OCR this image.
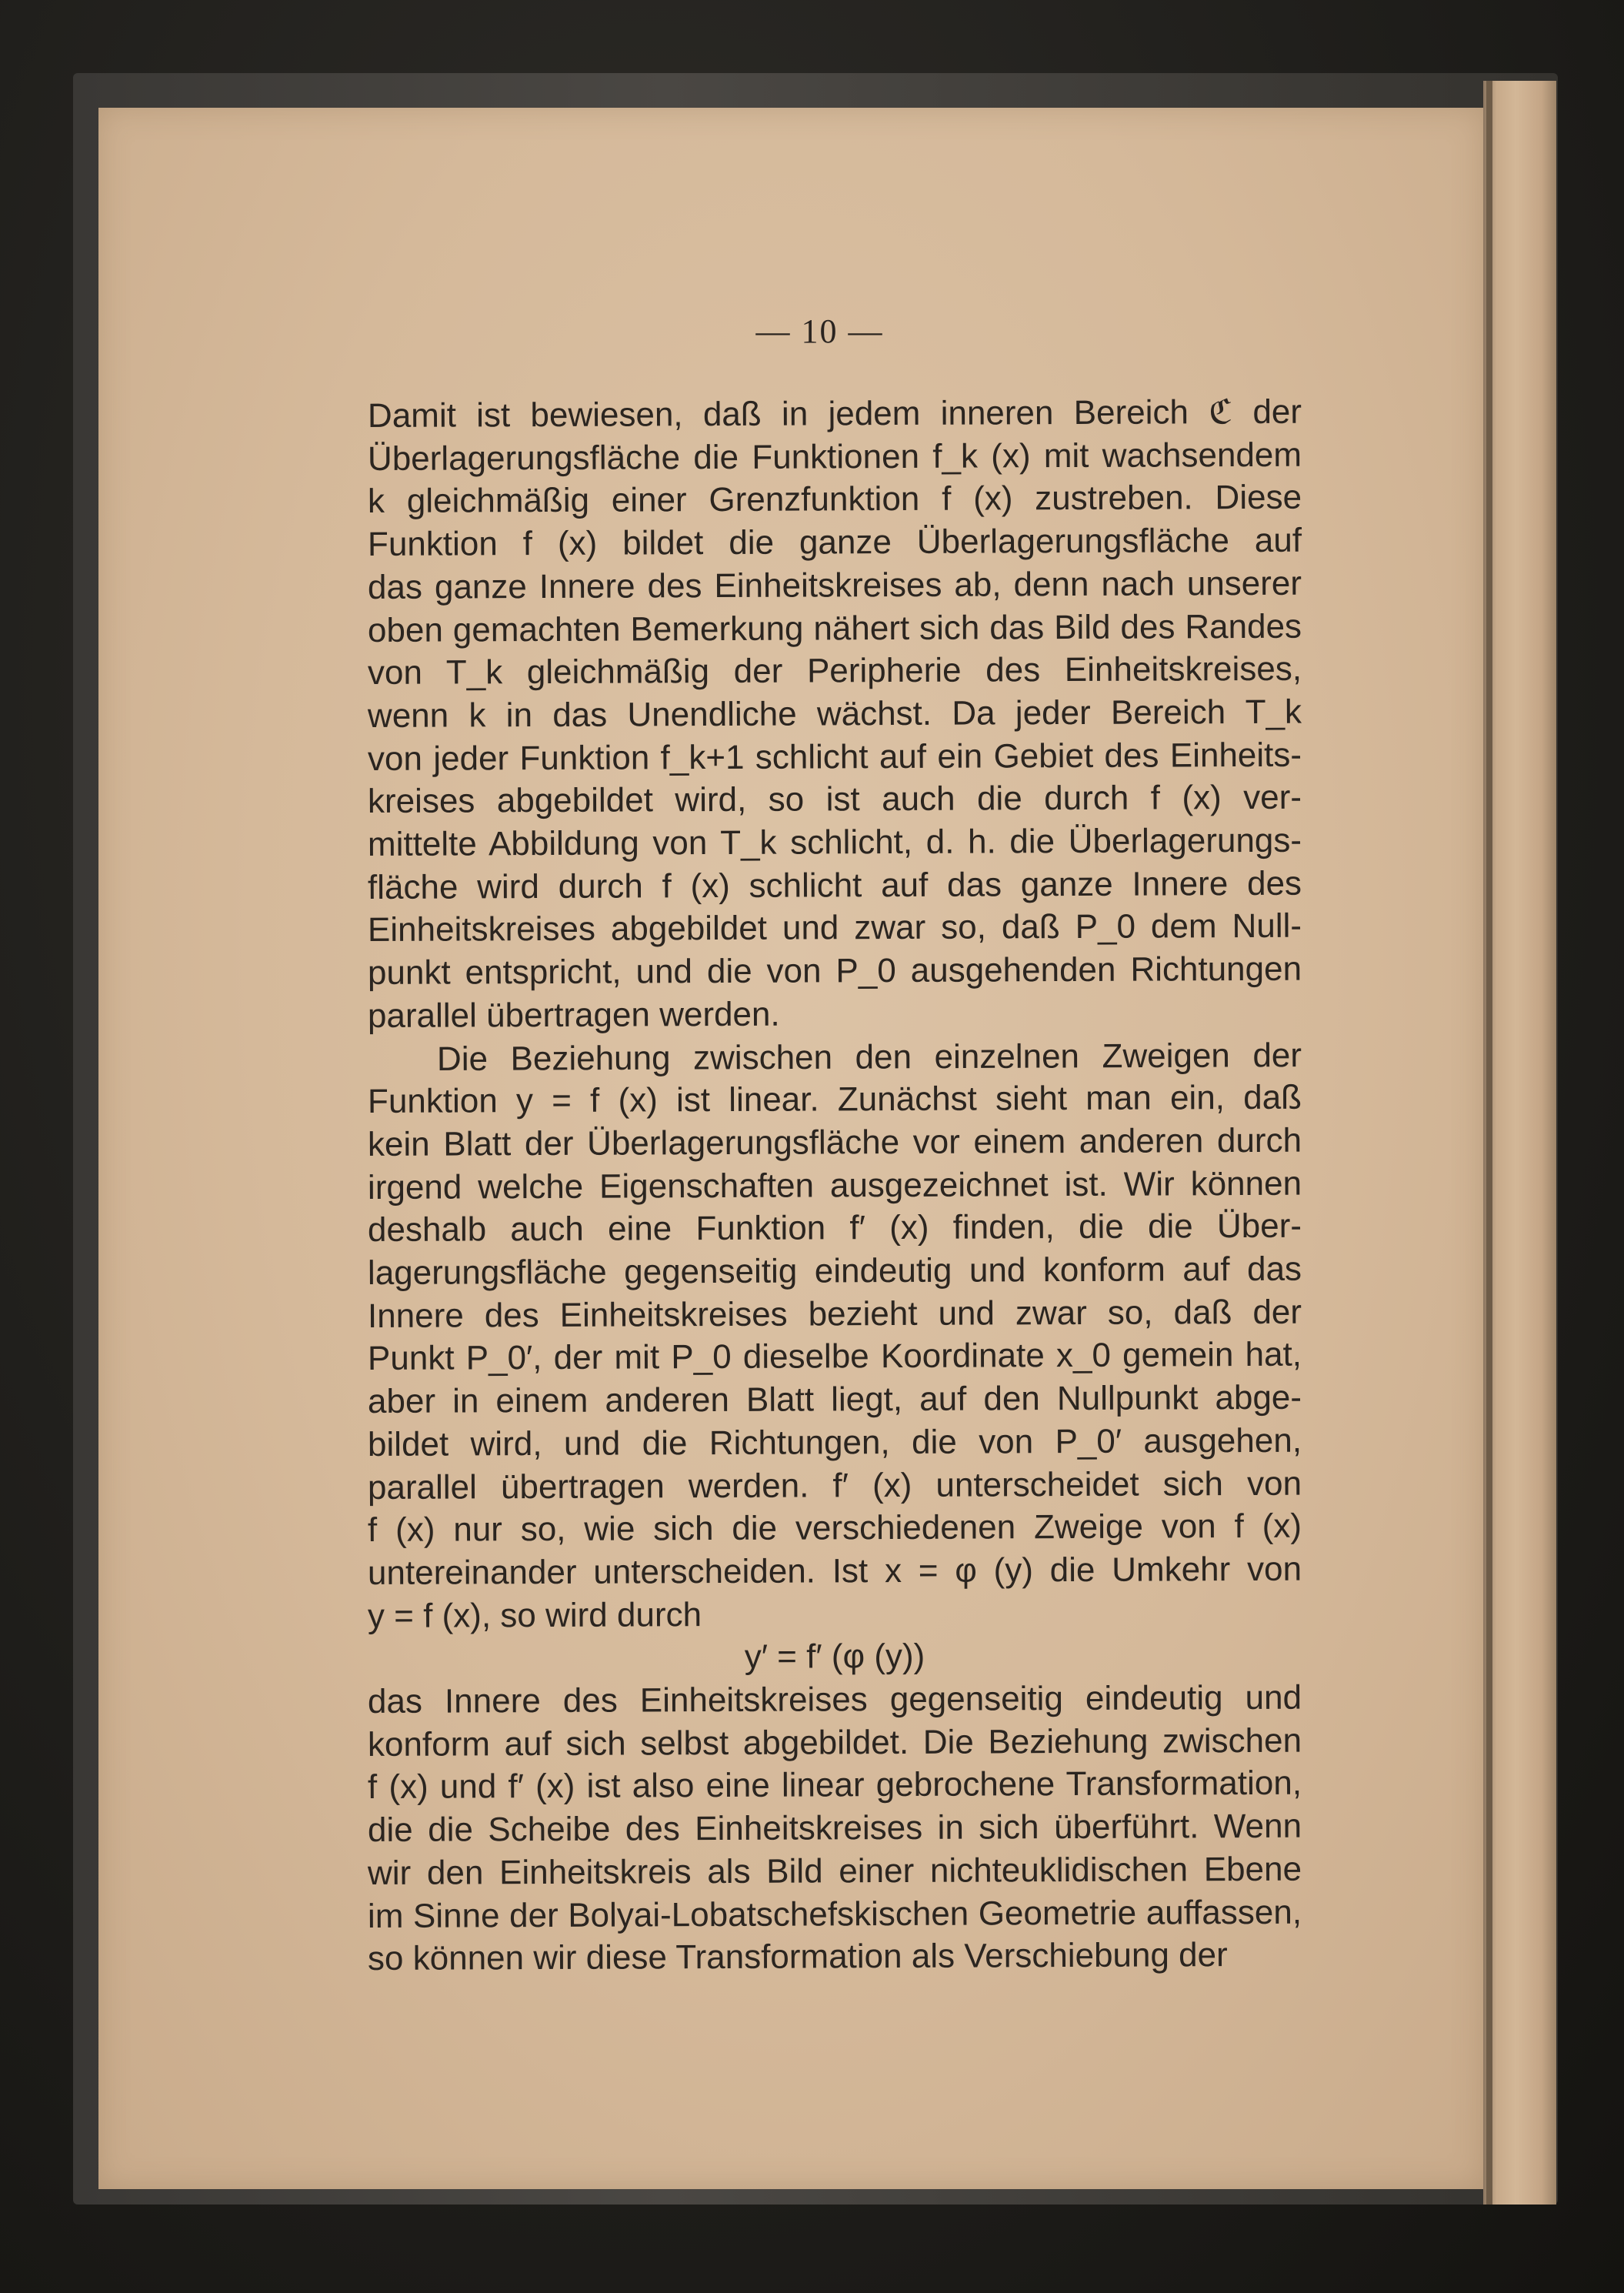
— 10 —
Damit ist bewiesen, daß in jedem inneren Bereich ℭ der
Überlagerungsfläche die Funktionen f_k (x) mit wachsendem
k gleichmäßig einer Grenzfunktion f (x) zustreben. Diese
Funktion f (x) bildet die ganze Überlagerungsfläche auf
das ganze Innere des Einheitskreises ab, denn nach unserer
oben gemachten Bemerkung nähert sich das Bild des Randes
von T_k gleichmäßig der Peripherie des Einheitskreises,
wenn k in das Unendliche wächst. Da jeder Bereich T_k
von jeder Funktion f_k+1 schlicht auf ein Gebiet des Einheits-
kreises abgebildet wird, so ist auch die durch f (x) ver-
mittelte Abbildung von T_k schlicht, d. h. die Überlagerungs-
fläche wird durch f (x) schlicht auf das ganze Innere des
Einheitskreises abgebildet und zwar so, daß P_0 dem Null-
punkt entspricht, und die von P_0 ausgehenden Richtungen
parallel übertragen werden.
Die Beziehung zwischen den einzelnen Zweigen der
Funktion y = f (x) ist linear. Zunächst sieht man ein, daß
kein Blatt der Überlagerungsfläche vor einem anderen durch
irgend welche Eigenschaften ausgezeichnet ist. Wir können
deshalb auch eine Funktion f′ (x) finden, die die Über-
lagerungsfläche gegenseitig eindeutig und konform auf das
Innere des Einheitskreises bezieht und zwar so, daß der
Punkt P_0′, der mit P_0 dieselbe Koordinate x_0 gemein hat,
aber in einem anderen Blatt liegt, auf den Nullpunkt abge-
bildet wird, und die Richtungen, die von P_0′ ausgehen,
parallel übertragen werden. f′ (x) unterscheidet sich von
f (x) nur so, wie sich die verschiedenen Zweige von f (x)
untereinander unterscheiden. Ist x = φ (y) die Umkehr von
y = f (x), so wird durch
y′ = f′ (φ (y))
das Innere des Einheitskreises gegenseitig eindeutig und
konform auf sich selbst abgebildet. Die Beziehung zwischen
f (x) und f′ (x) ist also eine linear gebrochene Transformation,
die die Scheibe des Einheitskreises in sich überführt. Wenn
wir den Einheitskreis als Bild einer nichteuklidischen Ebene
im Sinne der Bolyai-Lobatschefskischen Geometrie auffassen,
so können wir diese Transformation als Verschiebung der
